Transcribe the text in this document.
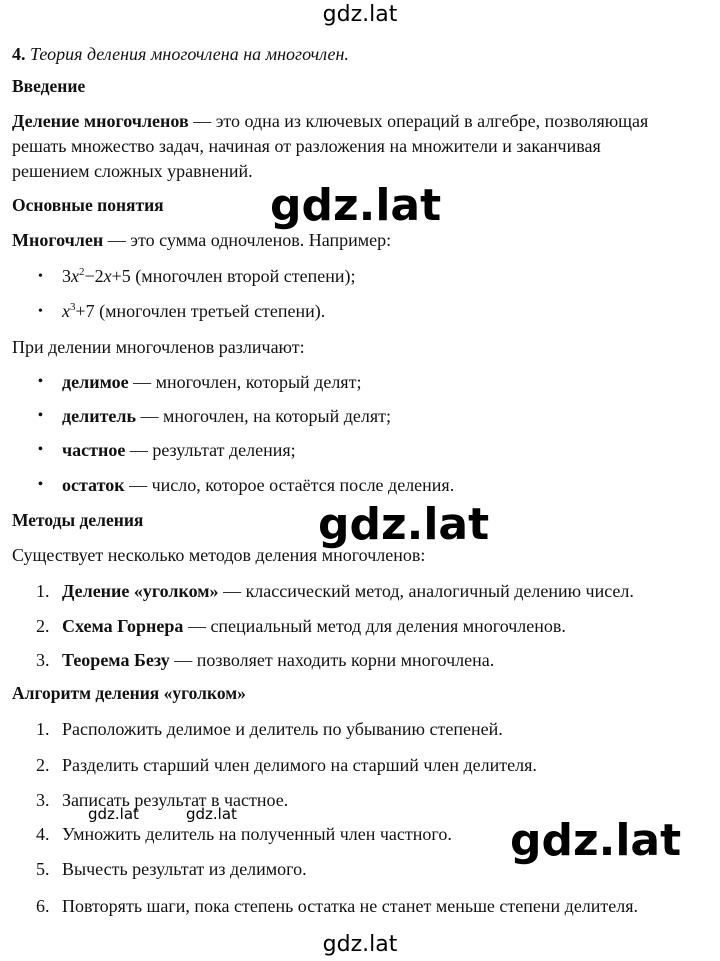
gdz.lat
4. Теория деления многочлена на многочлен.
Введение
Деление многочленов — это одна из ключевых операций в алгебре, позволяющая
решать множество задач, начиная от разложения на множители и заканчивая
решением сложных уравнений.
Основные понятия gdz.lat
Многочлен — это сумма одночленов. Например:
• $3x^2-2x+5$ (многочлен второй степени);
• $x^3+7$ (многочлен третьей степени).
При делении многочленов различают:
• делимое — многочлен, который делят;
• делитель — многочлен, на который делят;
• частное — результат деления;
• остаток — число, которое остаётся после деления.
Методы деления	gdz.lat
Существует несколько методов деления многочленов:
1. Деление «уголком» — классический метод, аналогичный делению чисел.
2. Схема Горнера — специальный метод для деления многочленов.
3. Теорема Безу — позволяет находить корни многочлена.
Алгоритм деления «уголком»
1. Расположить делимое и делитель по убыванию степеней.
2. Разделить старший член делимого на старший член делителя.
3. Записать результат в частное.
gdz.lat	gdz.lat
4. Умножить делитель на полученный член частного. gdz.lat
5. Вычесть результат из делимого.
6. Повторять шаги, пока степень остатка не станет меньше степени делителя.
gdz.lat
